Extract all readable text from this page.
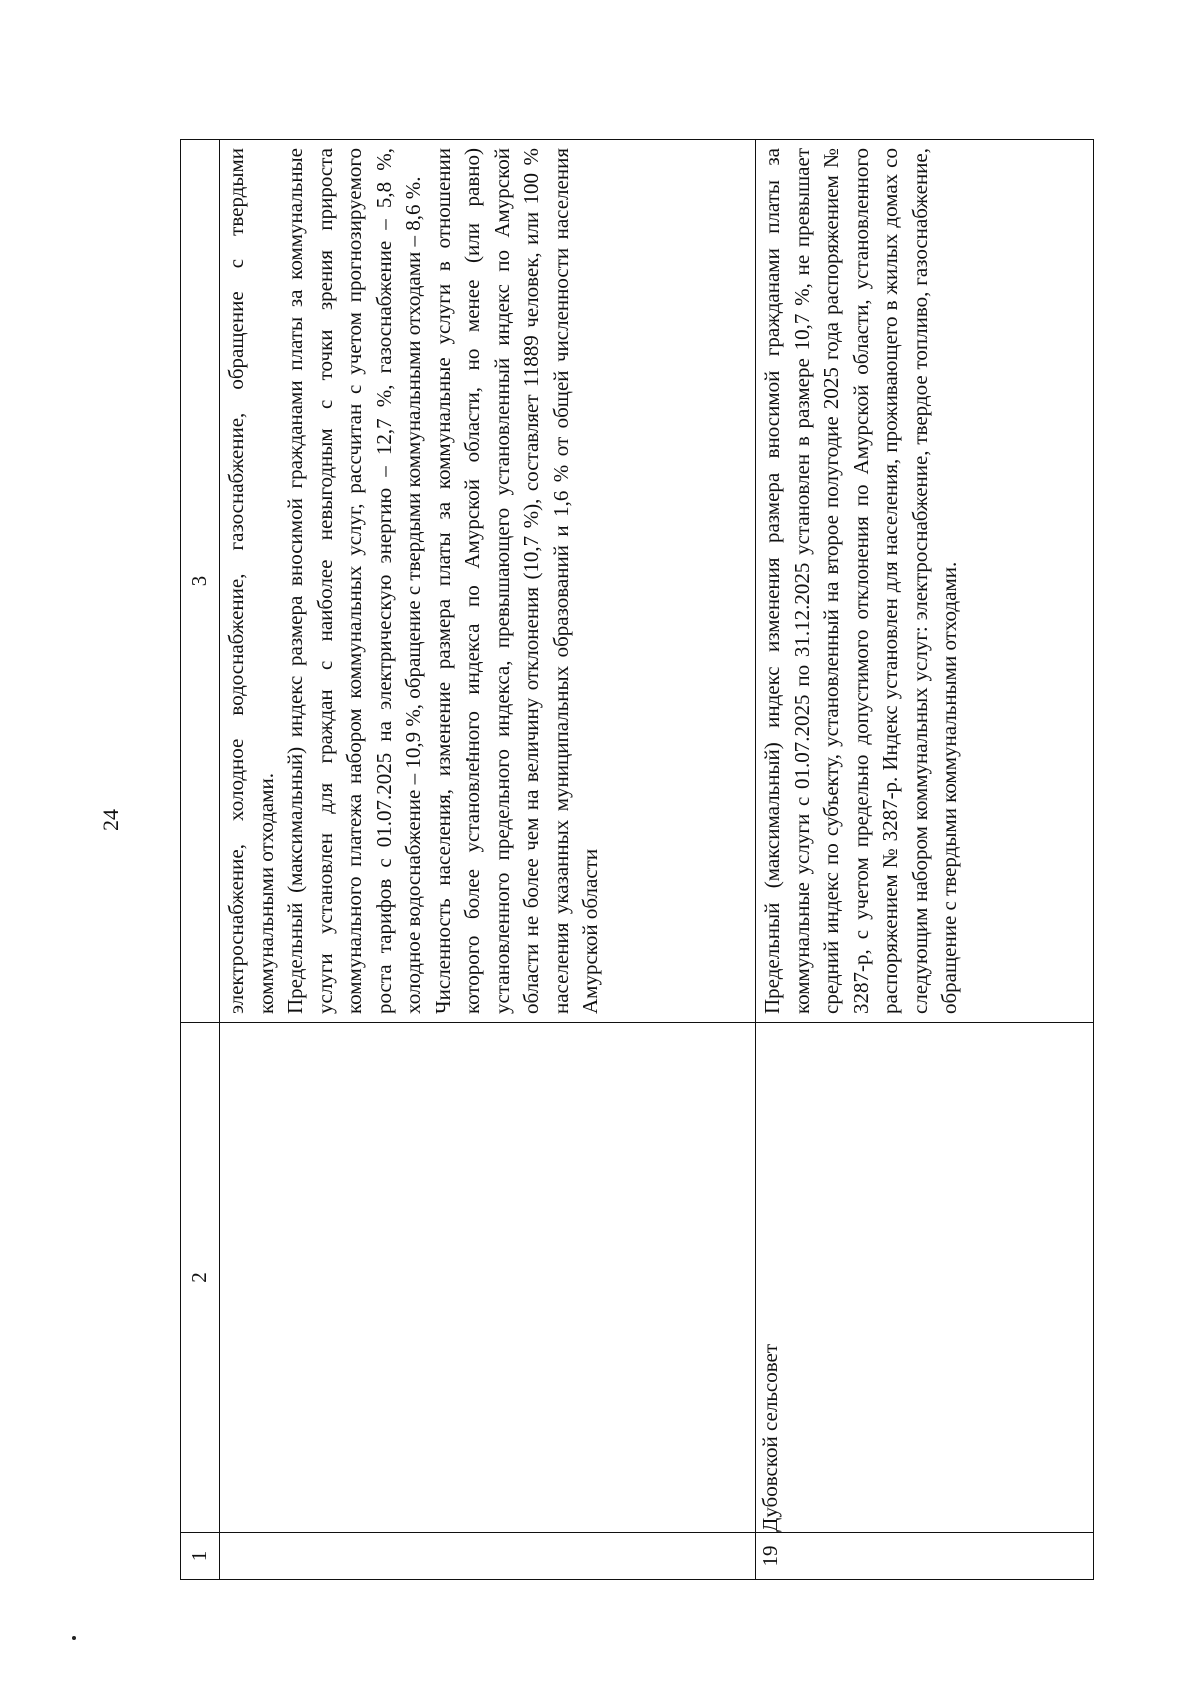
24
1	2	3

		электроснабжение, холодное водоснабжение, газоснабжение, обращение с твердыми коммунальными отходами. Предельный (максимальный) индекс размера вносимой гражданами платы за коммунальные услуги установлен для граждан с наиболее невыгодным с точки зрения прироста коммунального платежа набором коммунальных услуг, рассчитан с учетом прогнозируемого роста тарифов с 01.07.2025 на электрическую энергию – 12,7 %, газоснабжение – 5,8 %, холодное водоснабжение – 10,9 %, обращение с твердыми коммунальными отходами – 8,6 %. Численность населения, изменение размера платы за коммунальные услуги в отношении которого более установленного индекса по Амурской области, но менее (или равно) установленного предельного индекса, превышающего установленный индекс по Амурской области не более чем на величину отклонения (10,7 %), составляет 11889 человек, или 100 % населения указанных муниципальных образований и 1,6 % от общей численности населения Амурской области

19	Дубовской сельсовет	Предельный (максимальный) индекс изменения размера вносимой гражданами платы за коммунальные услуги с 01.07.2025 по 31.12.2025 установлен в размере 10,7 %, не превышает средний индекс по субъекту, установленный на второе полугодие 2025 года распоряжением № 3287-р, с учетом предельно допустимого отклонения по Амурской области, установленного распоряжением № 3287-р. Индекс установлен для населения, проживающего в жилых домах со следующим набором коммунальных услуг: электроснабжение, твердое топливо, газоснабжение, обращение с твердыми коммунальными отходами.
